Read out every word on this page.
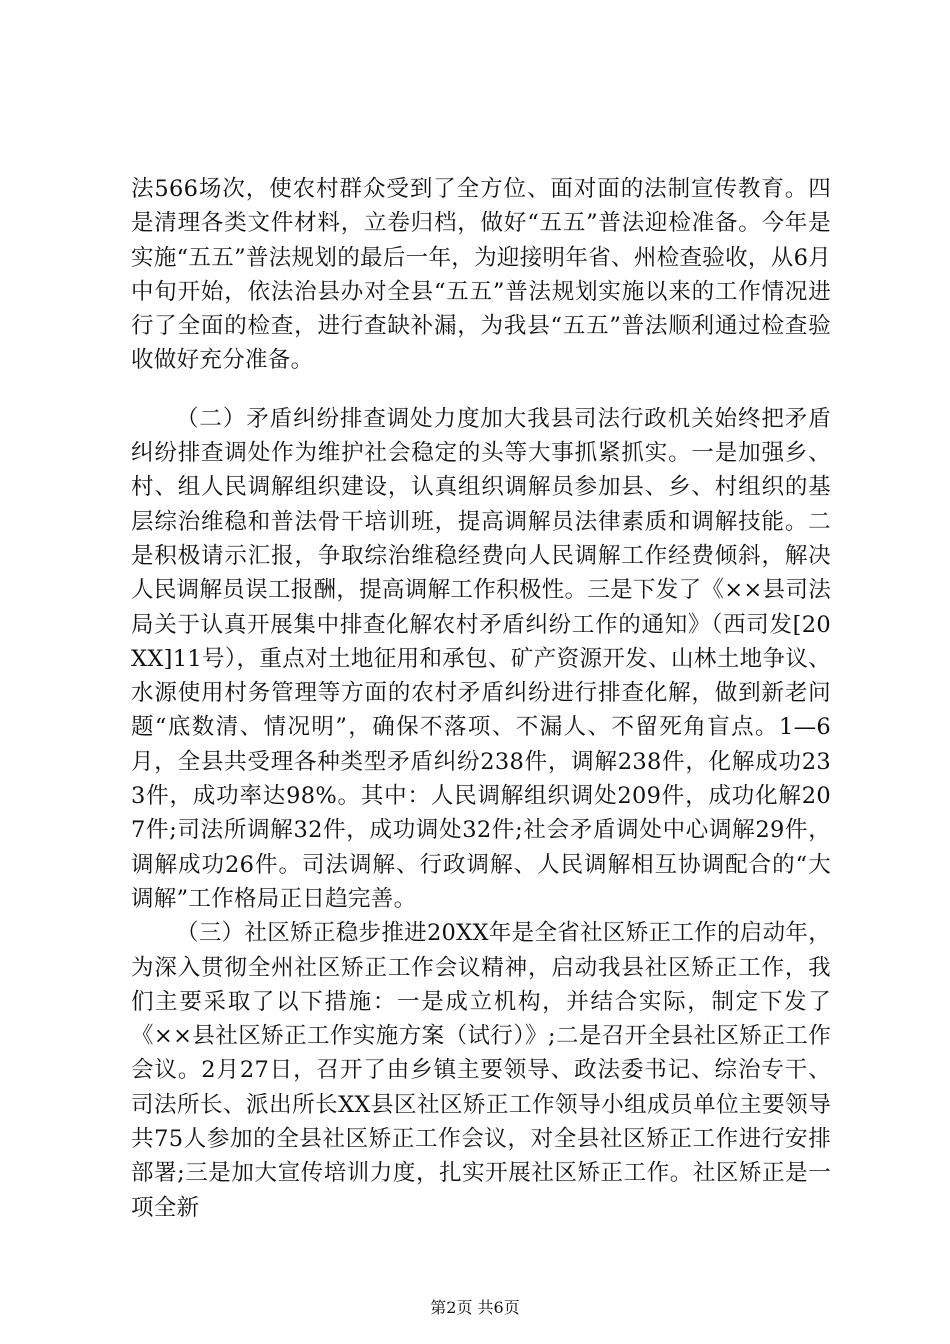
法566场次，使农村群众受到了全方位、面对面的法制宣传教育。四是清理各类文件材料，立卷归档，做好“五五”普法迎检准备。今年是实施“五五”普法规划的最后一年，为迎接明年省、州检查验收，从6月中旬开始，依法治县办对全县“五五”普法规划实施以来的工作情况进行了全面的检查，进行查缺补漏，为我县“五五”普法顺利通过检查验收做好充分准备。

（二）矛盾纠纷排查调处力度加大我县司法行政机关始终把矛盾纠纷排查调处作为维护社会稳定的头等大事抓紧抓实。一是加强乡、村、组人民调解组织建设，认真组织调解员参加县、乡、村组织的基层综治维稳和普法骨干培训班，提高调解员法律素质和调解技能。二是积极请示汇报，争取综治维稳经费向人民调解工作经费倾斜，解决人民调解员误工报酬，提高调解工作积极性。三是下发了《××县司法局关于认真开展集中排查化解农村矛盾纠纷工作的通知》（西司发[20XX]11号），重点对土地征用和承包、矿产资源开发、山林土地争议、水源使用村务管理等方面的农村矛盾纠纷进行排查化解，做到新老问题“底数清、情况明”，确保不落项、不漏人、不留死角盲点。1—6月，全县共受理各种类型矛盾纠纷238件，调解238件，化解成功233件，成功率达98%。其中：人民调解组织调处209件，成功化解207件;司法所调解32件，成功调处32件;社会矛盾调处中心调解29件，调解成功26件。司法调解、行政调解、人民调解相互协调配合的“大调解”工作格局正日趋完善。

（三）社区矫正稳步推进20XX年是全省社区矫正工作的启动年，为深入贯彻全州社区矫正工作会议精神，启动我县社区矫正工作，我们主要采取了以下措施：一是成立机构，并结合实际，制定下发了《××县社区矫正工作实施方案（试行）》;二是召开全县社区矫正工作会议。2月27日，召开了由乡镇主要领导、政法委书记、综治专干、司法所长、派出所长XX县区社区矫正工作领导小组成员单位主要领导共75人参加的全县社区矫正工作会议，对全县社区矫正工作进行安排部署;三是加大宣传培训力度，扎实开展社区矫正工作。社区矫正是一项全新

第2页 共6页
